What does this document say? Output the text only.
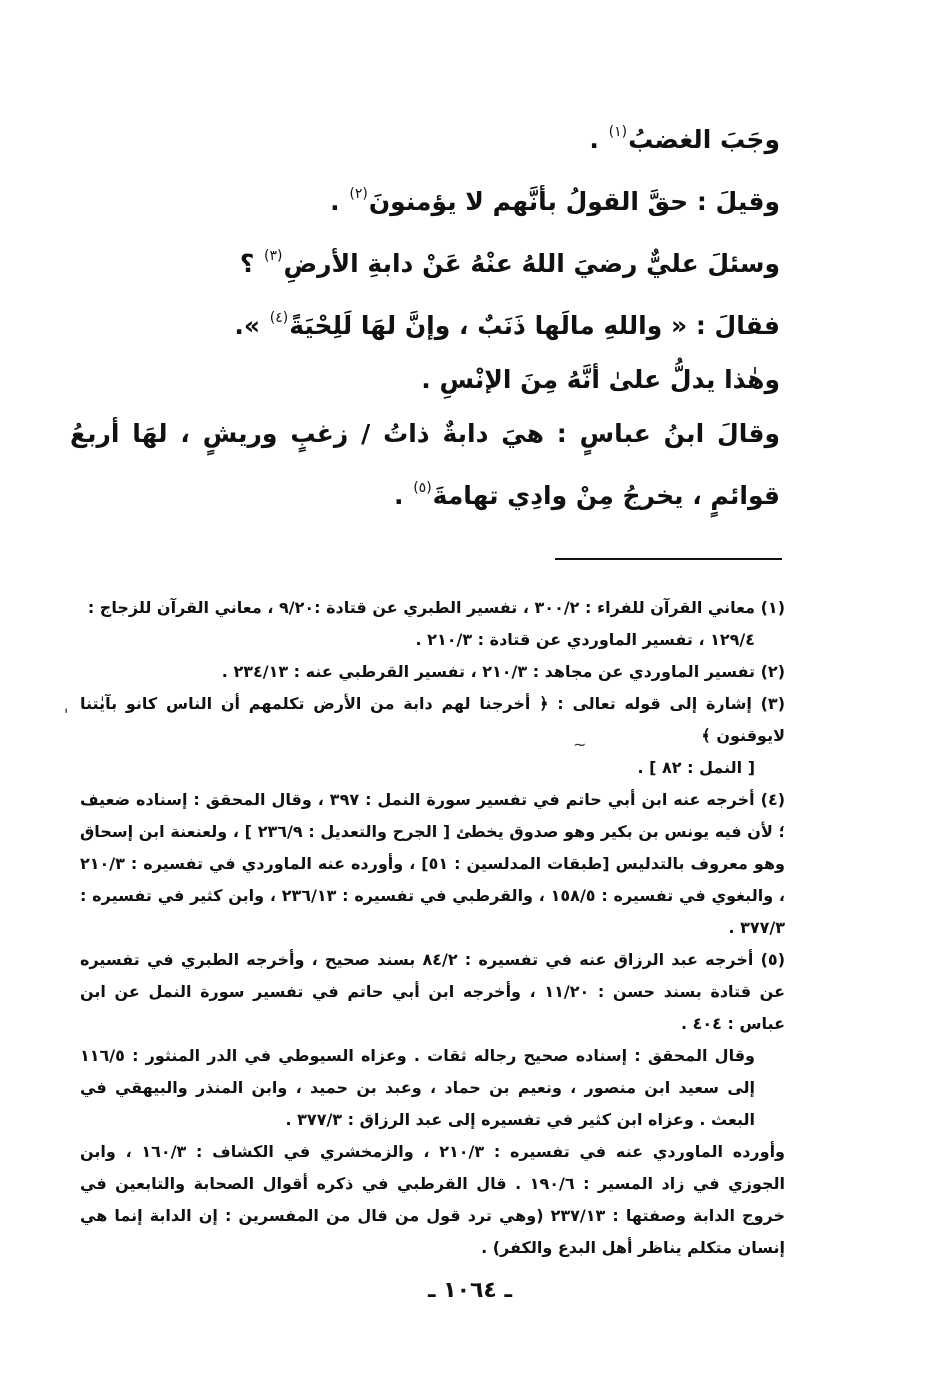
وجَبَ الغضبُ$^{(١)}$ .
وقيلَ : حقَّ القولُ بأنَّهم لا يؤمنونَ$^{(٢)}$ .
وسئلَ عليٌّ رضيَ اللهُ عنْهُ عَنْ دابةِ الأرضِ$^{(٣)}$ ؟
فقالَ : « واللهِ مالَها ذَنَبٌ ، وإنَّ لهَا لَلِحْيَةً$^{(٤)}$ ».
وهٰذا يدلُّ علىٰ أنَّهُ مِنَ الإنْسِ .
وقالَ ابنُ عباسٍ : هيَ دابةٌ ذاتُ / زغبٍ وريشٍ ، لهَا أربعُ قوائمٍ ، يخرجُ مِنْ وادِي تهامةَ$^{(٥)}$ .

(١) معاني القرآن للفراء : ٣٠٠/٢ ، تفسير الطبري عن قتادة :٩/٢٠ ، معاني القرآن للزجاج :

١٢٩/٤ ، تفسير الماوردي عن قتادة : ٢١٠/٣ .

(٢) تفسير الماوردي عن مجاهد : ٢١٠/٣ ، تفسير القرطبي عنه : ٢٣٤/١٣ .

(٣) إشارة إلى قوله تعالى : ﴿ أخرجنا لهم دابة من الأرض تكلمهم أن الناس كانو بآيٰتنا لايوقنون ﴾

[ النمل : ٨٢ ] .

(٤) أخرجه عنه ابن أبي حاتم في تفسير سورة النمل : ٣٩٧ ، وقال المحقق : إسناده ضعيف ؛ لأن فيه يونس بن بكير وهو صدوق يخطئ [ الجرح والتعديل : ٢٣٦/٩ ] ، ولعنعنة ابن إسحاق وهو معروف بالتدليس [طبقات المدلسين : ٥١] ، وأورده عنه الماوردي في تفسيره : ٢١٠/٣ ، والبغوي في تفسيره : ١٥٨/٥ ، والقرطبي في تفسيره : ٢٣٦/١٣ ، وابن كثير في تفسيره : ٣٧٧/٣ .

(٥) أخرجه عبد الرزاق عنه في تفسيره : ٨٤/٢ بسند صحيح ، وأخرجه الطبري في تفسيره عن قتادة بسند حسن : ١١/٢٠ ، وأخرجه ابن أبي حاتم في تفسير سورة النمل عن ابن عباس : ٤٠٤ .

وقال المحقق : إسناده صحيح رجاله ثقات . وعزاه السيوطي في الدر المنثور : ١١٦/٥ إلى سعيد ابن منصور ، ونعيم بن حماد ، وعبد بن حميد ، وابن المنذر والبيهقي في البعث . وعزاه ابن كثير في تفسيره إلى عبد الرزاق : ٣٧٧/٣ .

وأورده الماوردي عنه في تفسيره : ٢١٠/٣ ، والزمخشري في الكشاف : ١٦٠/٣ ، وابن الجوزي في زاد المسير : ١٩٠/٦ . قال القرطبي في ذكره أقوال الصحابة والتابعين في خروج الدابة وصفتها : ٢٣٧/١٣ (وهي ترد قول من قال من المفسرين : إن الدابة إنما هي إنسان متكلم يناظر أهل البدع والكفر) .

ـ ١٠٦٤ ـ
'
~
